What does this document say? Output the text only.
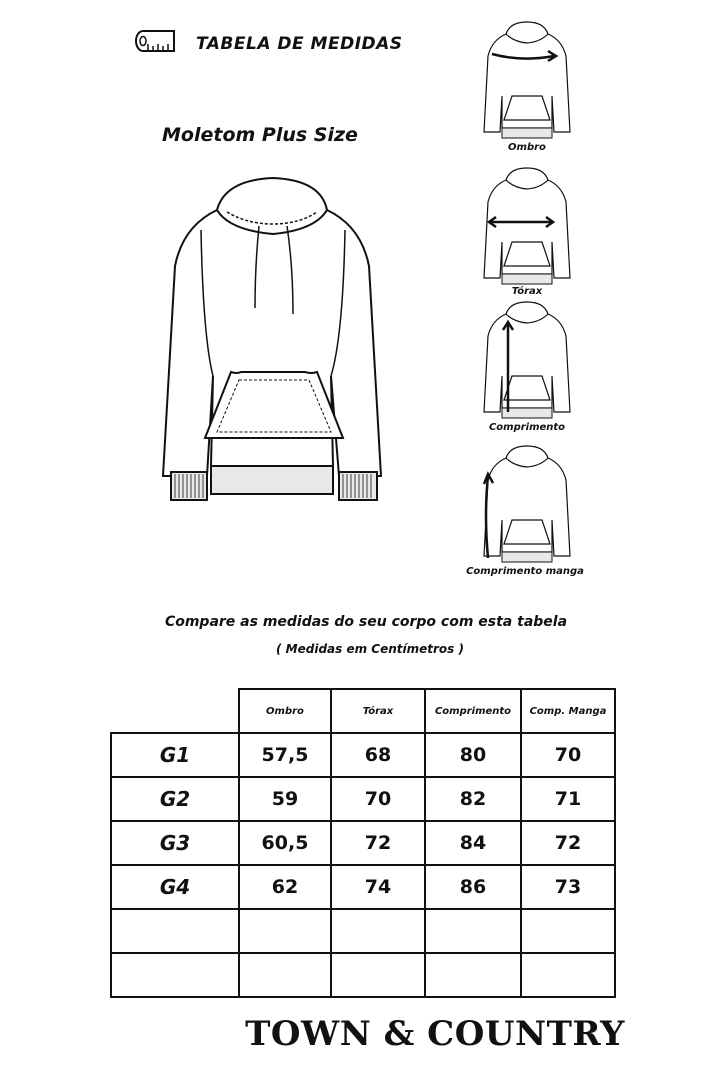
TABELA DE MEDIDAS
Moletom Plus Size
Ombro
Tórax
Comprimento
Comprimento manga
Compare as medidas do seu corpo com esta tabela
( Medidas em Centímetros )
	Ombro	Tórax	Comprimento	Comp. Manga
G1	57,5	68	80	70
G2	59	70	82	71
G3	60,5	72	84	72
G4	62	74	86	73

TOWN & COUNTRY
